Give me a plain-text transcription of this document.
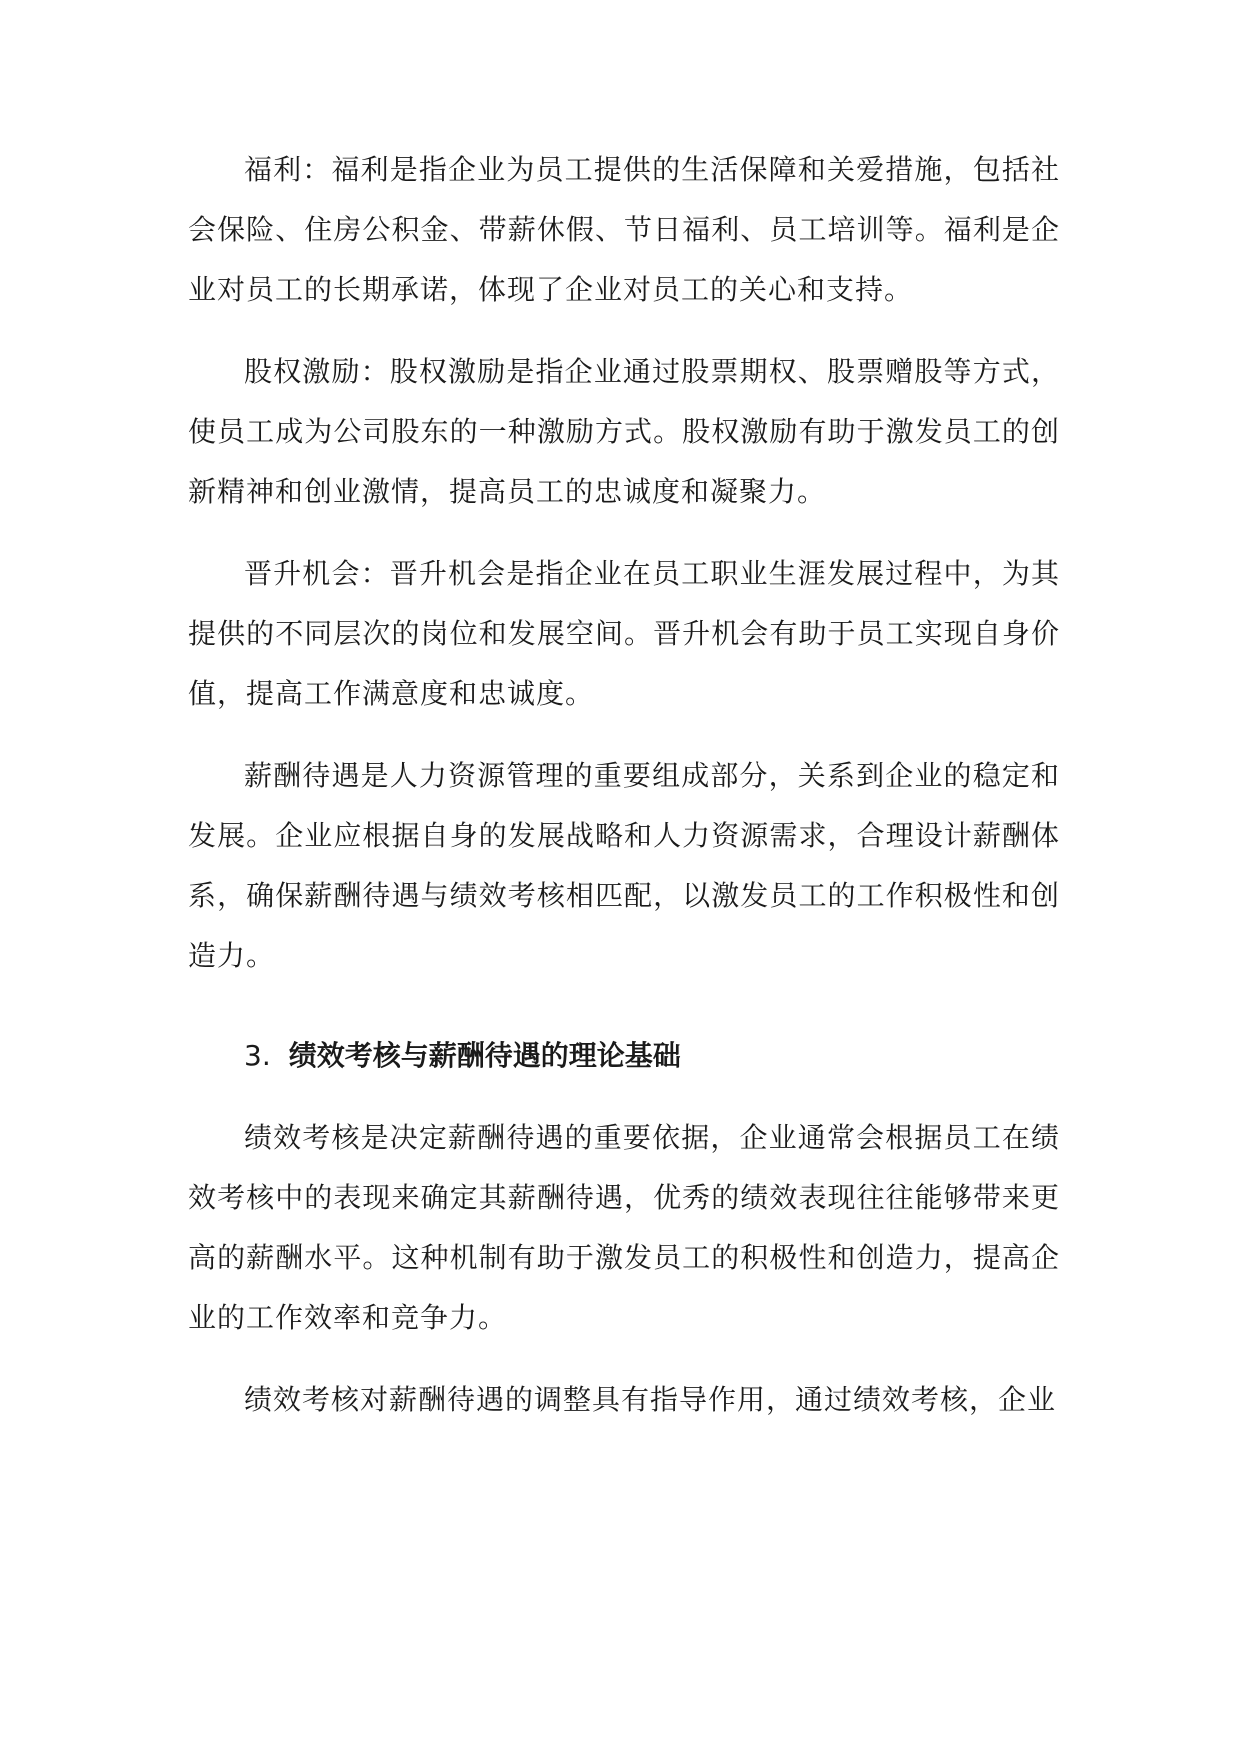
福利：福利是指企业为员工提供的生活保障和关爱措施，包括社会保险、住房公积金、带薪休假、节日福利、员工培训等。福利是企业对员工的长期承诺，体现了企业对员工的关心和支持。

股权激励：股权激励是指企业通过股票期权、股票赠股等方式，使员工成为公司股东的一种激励方式。股权激励有助于激发员工的创新精神和创业激情，提高员工的忠诚度和凝聚力。

晋升机会：晋升机会是指企业在员工职业生涯发展过程中，为其提供的不同层次的岗位和发展空间。晋升机会有助于员工实现自身价值，提高工作满意度和忠诚度。

薪酬待遇是人力资源管理的重要组成部分，关系到企业的稳定和发展。企业应根据自身的发展战略和人力资源需求，合理设计薪酬体系，确保薪酬待遇与绩效考核相匹配，以激发员工的工作积极性和创造力。

3. 绩效考核与薪酬待遇的理论基础

绩效考核是决定薪酬待遇的重要依据，企业通常会根据员工在绩效考核中的表现来确定其薪酬待遇，优秀的绩效表现往往能够带来更高的薪酬水平。这种机制有助于激发员工的积极性和创造力，提高企业的工作效率和竞争力。

绩效考核对薪酬待遇的调整具有指导作用，通过绩效考核，企业
